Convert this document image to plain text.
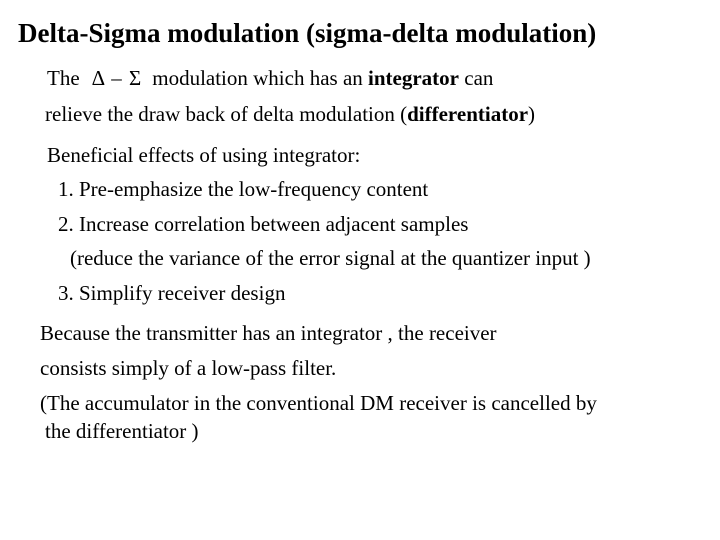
Delta-Sigma modulation (sigma-delta modulation)
The Δ – Σ modulation which has an integrator can
relieve the draw back of delta modulation (differentiator)
Beneficial effects of using integrator:
1. Pre-emphasize the low-frequency content
2. Increase correlation between adjacent samples
(reduce the variance of the error signal at the quantizer input )
3. Simplify receiver design
Because the transmitter has an integrator , the receiver
consists simply of a low-pass filter.
(The accumulator in the conventional DM receiver is cancelled by
the differentiator )
